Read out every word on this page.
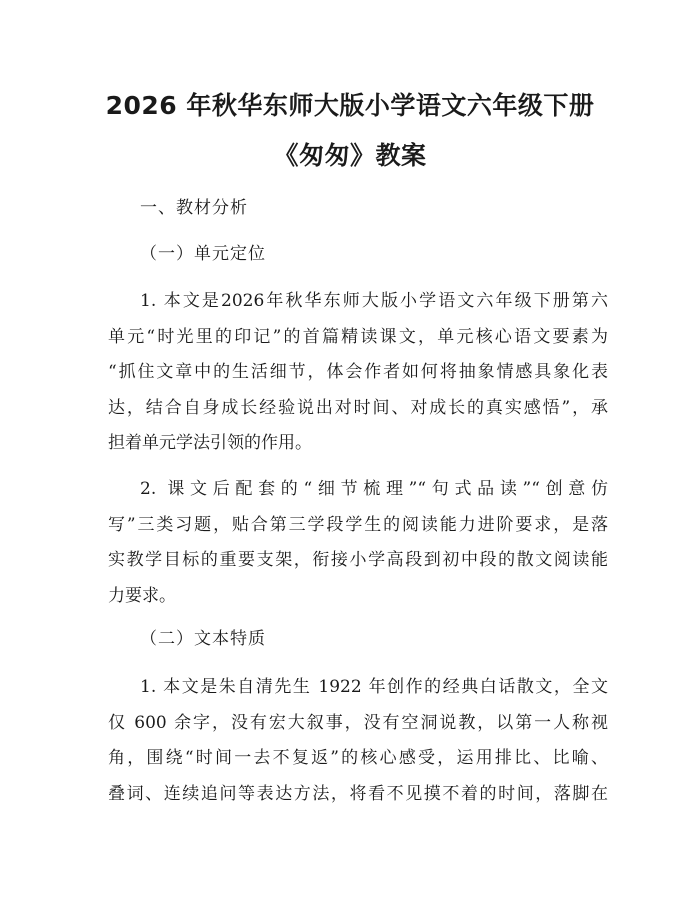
2026 年秋华东师大版小学语文六年级下册
《匆匆》教案
一、教材分析
（一）单元定位
1. 本文是2026年秋华东师大版小学语文六年级下册第六
单元“时光里的印记”的首篇精读课文，单元核心语文要素为
“抓住文章中的生活细节，体会作者如何将抽象情感具象化表
达，结合自身成长经验说出对时间、对成长的真实感悟”，承
担着单元学法引领的作用。
2. 课文后配套的“细节梳理”“句式品读”“创意仿
写”三类习题，贴合第三学段学生的阅读能力进阶要求，是落
实教学目标的重要支架，衔接小学高段到初中段的散文阅读能
力要求。
（二）文本特质
1. 本文是朱自清先生 1922 年创作的经典白话散文，全文
仅 600 余字，没有宏大叙事，没有空洞说教，以第一人称视
角，围绕“时间一去不复返”的核心感受，运用排比、比喻、
叠词、连续追问等表达方法，将看不见摸不着的时间，落脚在
